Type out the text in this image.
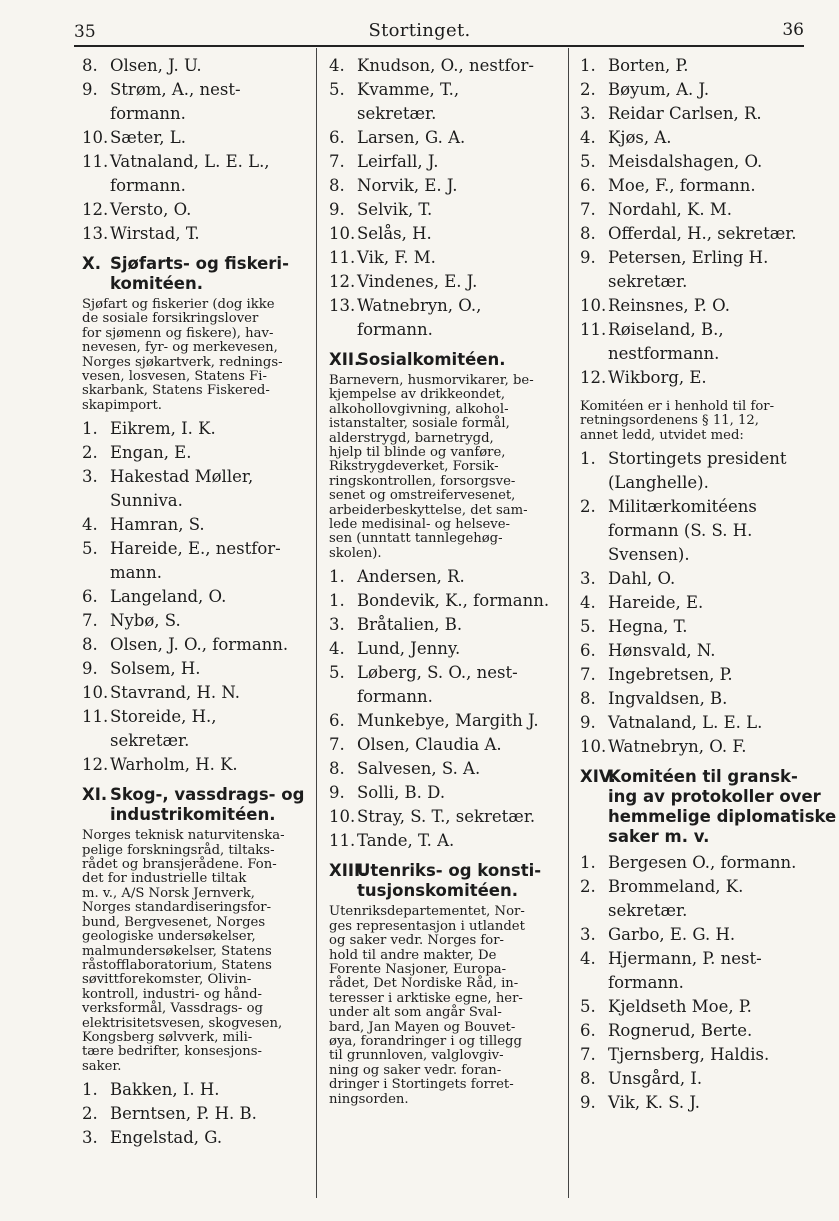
35	Stortinget.	36
8. Olsen, J. U.
9. Strøm, A., nest-
formann.
10. Sæter, L.
11. Vatnaland, L. E. L.,
formann.
12. Versto, O.
13. Wirstad, T.
X. Sjøfarts- og fiskeri-
komitéen.
Sjøfart og fiskerier (dog ikke
de sosiale forsikringslover
for sjømenn og fiskere), hav-
nevesen, fyr- og merkevesen,
Norges sjøkartverk, rednings-
vesen, losvesen, Statens Fi-
skarbank, Statens Fiskered-
skapimport.
1. Eikrem, I. K.
2. Engan, E.
3. Hakestad Møller,
Sunniva.
4. Hamran, S.
5. Hareide, E., nestfor-
mann.
6. Langeland, O.
7. Nybø, S.
8. Olsen, J. O., formann.
9. Solsem, H.
10. Stavrand, H. N.
11. Storeide, H.,
sekretær.
12. Warholm, H. K.
XI. Skog-, vassdrags- og
industrikomitéen.
Norges teknisk naturvitenska-
pelige forskningsråd, tiltaks-
rådet og bransjerådene. Fon-
det for industrielle tiltak
m. v., A/S Norsk Jernverk,
Norges standardiseringsfor-
bund, Bergvesenet, Norges
geologiske undersøkelser,
malmundersøkelser, Statens
råstofflaboratorium, Statens
søvittforekomster, Olivin-
kontroll, industri- og hånd-
verksformål, Vassdrags- og
elektrisitetsvesen, skogvesen,
Kongsberg sølvverk, mili-
tære bedrifter, konsesjons-
saker.
1. Bakken, I. H.
2. Berntsen, P. H. B.
3. Engelstad, G.
4. Knudson, O., nestfor-
5. Kvamme, T.,
sekretær.
6. Larsen, G. A.
7. Leirfall, J.
8. Norvik, E. J.
9. Selvik, T.
10. Selås, H.
11. Vik, F. M.
12. Vindenes, E. J.
13. Watnebryn, O.,
formann.
XII.
Sosialkomitéen.
Barnevern, husmorvikarer, be-
kjempelse av drikkeondet,
alkohollovgivning, alkohol-
istanstalter, sosiale formål,
alderstrygd, barnetrygd,
hjelp til blinde og vanføre,
Rikstrygdeverket, Forsik-
ringskontrollen, forsorgsve-
senet og omstreifervesenet,
arbeiderbeskyttelse, det sam-
lede medisinal- og helseve-
sen (unntatt tannlegehøg-
skolen).
1. Andersen, R.
1. Bondevik, K., formann.
3. Bråtalien, B.
4. Lund, Jenny.
5. Løberg, S. O., nest-
formann.
6. Munkebye, Margith J.
7. Olsen, Claudia A.
8. Salvesen, S. A.
9. Solli, B. D.
10. Stray, S. T., sekretær.
11. Tande, T. A.
XIII.
Utenriks- og konsti-
tusjonskomitéen.
Utenriksdepartementet, Nor-
ges representasjon i utlandet
og saker vedr. Norges for-
hold til andre makter, De
Forente Nasjoner, Europa-
rådet, Det Nordiske Råd, in-
teresser i arktiske egne, her-
under alt som angår Sval-
bard, Jan Mayen og Bouvet-
øya, forandringer i og tillegg
til grunnloven, valglovgiv-
ning og saker vedr. foran-
dringer i Stortingets forret-
ningsorden.
1. Borten, P.
2. Bøyum, A. J.
3. Reidar Carlsen, R.
4. Kjøs, A.
5. Meisdalshagen, O.
6. Moe, F., formann.
7. Nordahl, K. M.
8. Offerdal, H., sekretær.
9. Petersen, Erling H.
sekretær.
10. Reinsnes, P. O.
11. Røiseland, B.,
nestformann.
12. Wikborg, E.
Komitéen er i henhold til for-
retningsordenens § 11, 12,
annet ledd, utvidet med:
1. Stortingets president
(Langhelle).
2. Militærkomitéens
formann (S. S. H.
Svensen).
3. Dahl, O.
4. Hareide, E.
5. Hegna, T.
6. Hønsvald, N.
7. Ingebretsen, P.
8. Ingvaldsen, B.
9. Vatnaland, L. E. L.
10. Watnebryn, O. F.
XIV.
Komitéen til gransk-
ing av protokoller over
hemmelige diplomatiske
saker m. v.
1. Bergesen O., formann.
2. Brommeland, K.
sekretær.
3. Garbo, E. G. H.
4. Hjermann, P. nest-
formann.
5. Kjeldseth Moe, P.
6. Rognerud, Berte.
7. Tjernsberg, Haldis.
8. Unsgård, I.
9. Vik, K. S. J.
